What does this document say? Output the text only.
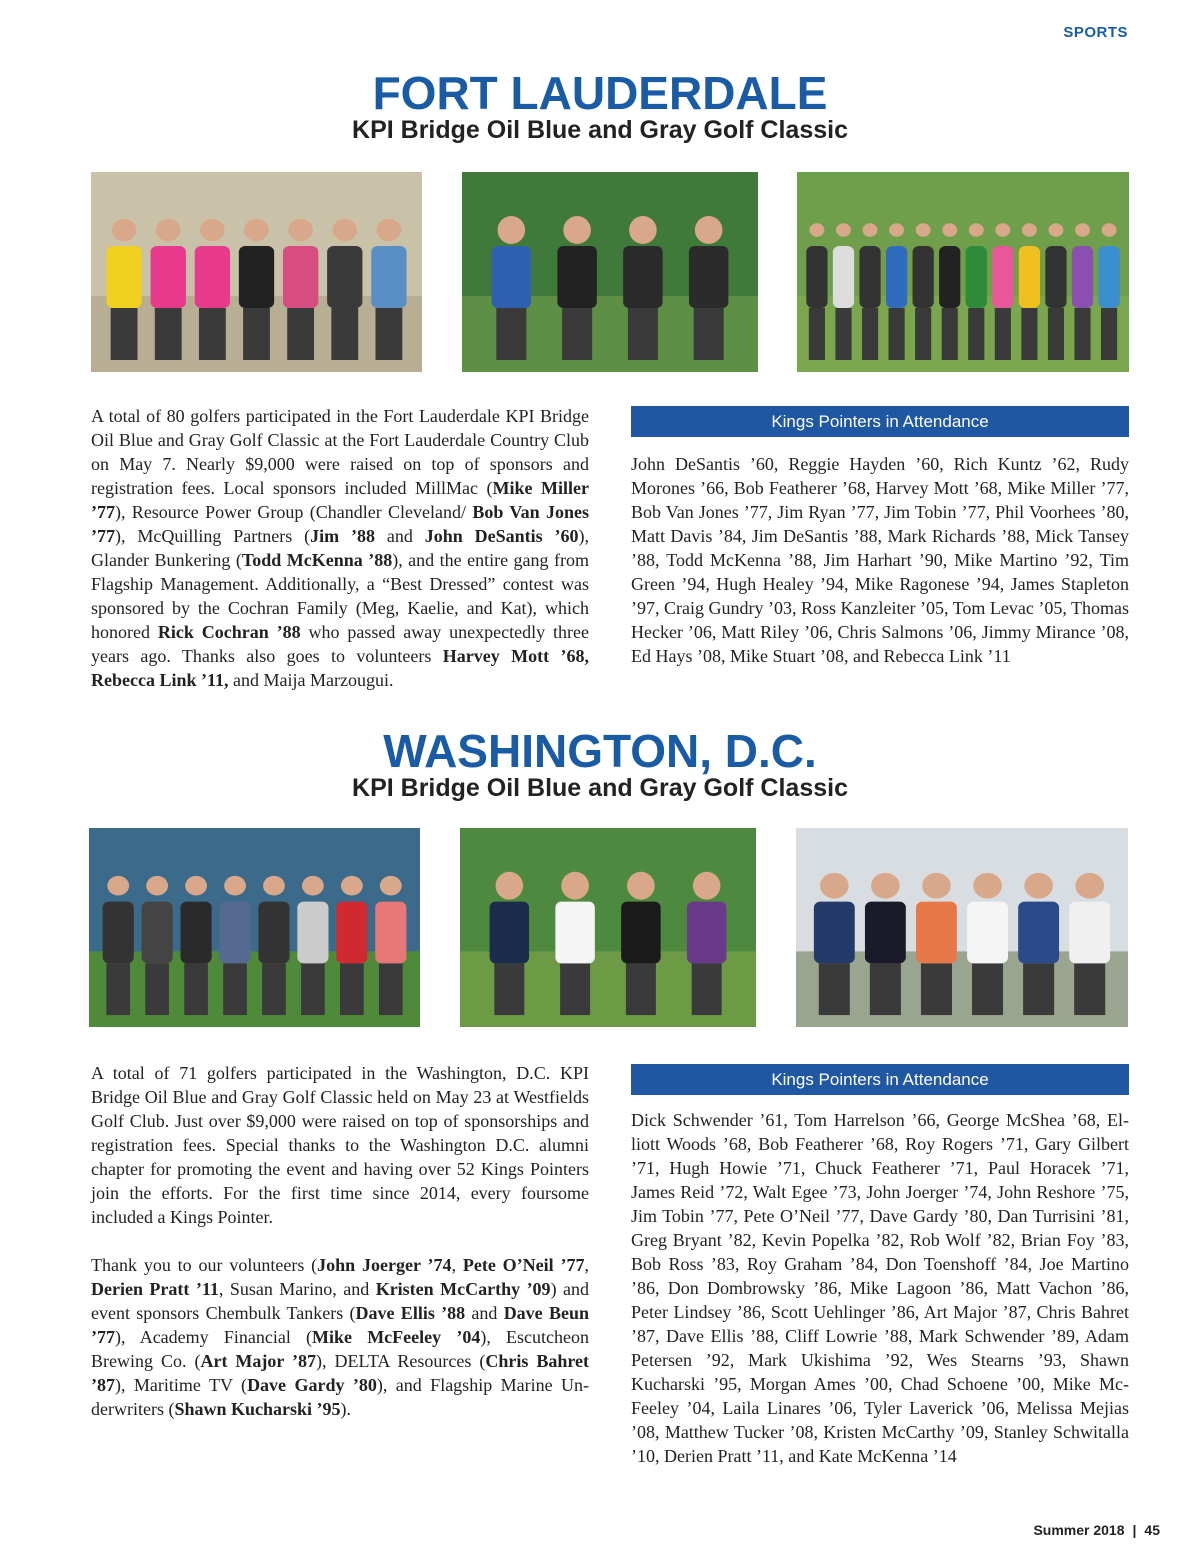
SPORTS
FORT LAUDERDALE
KPI Bridge Oil Blue and Gray Golf Classic

A total of 80 golfers participated in the Fort Lauderdale KPI Bridge Oil Blue and Gray Golf Classic at the Fort Lauderdale Country Club on May 7. Nearly $9,000 were raised on top of sponsors and registration fees. Local sponsors included MillMac (Mike Miller ’77), Resource Power Group (Chandler Cleveland/ Bob Van Jones ’77), McQuilling Partners (Jim ’88 and John DeSantis ’60), Glander Bunkering (Todd McKenna ’88), and the entire gang from Flagship Management. Additionally, a “Best Dressed” contest was sponsored by the Cochran Family (Meg, Kaelie, and Kat), which honored Rick Cochran ’88 who passed away unexpectedly three years ago. Thanks also goes to volunteers Harvey Mott ’68, Rebecca Link ’11, and Maija Marzougui.

Kings Pointers in Attendance
John DeSantis ’60, Reggie Hayden ’60, Rich Kuntz ’62, Rudy Morones ’66, Bob Featherer ’68, Harvey Mott ’68, Mike Miller ’77, Bob Van Jones ’77, Jim Ryan ’77, Jim Tobin ’77, Phil Voorhees ’80, Matt Davis ’84, Jim DeSantis ’88, Mark Richards ’88, Mick Tansey ’88, Todd McKenna ’88, Jim Harhart ’90, Mike Martino ’92, Tim Green ’94, Hugh Healey ’94, Mike Ragonese ’94, James Stapleton ’97, Craig Gundry ’03, Ross Kanzleiter ’05, Tom Levac ’05, Thomas Hecker ’06, Matt Riley ’06, Chris Salmons ’06, Jimmy Mirance ’08, Ed Hays ’08, Mike Stuart ’08, and Rebecca Link ’11
WASHINGTON, D.C.
KPI Bridge Oil Blue and Gray Golf Classic

A total of 71 golfers participated in the Washington, D.C. KPI Bridge Oil Blue and Gray Golf Classic held on May 23 at Westfields Golf Club. Just over $9,000 were raised on top of sponsorships and registration fees. Special thanks to the Washington D.C. alumni chapter for promoting the event and having over 52 Kings Pointers join the efforts. For the first time since 2014, every foursome included a Kings Pointer.

Thank you to our volunteers (John Joerger ’74, Pete O’Neil ’77, Derien Pratt ’11, Susan Marino, and Kristen McCarthy ’09) and event sponsors Chembulk Tankers (Dave Ellis ’88 and Dave Beun ’77), Academy Financial (Mike McFeeley ’04), Escutcheon Brewing Co. (Art Major ’87), DELTA Resources (Chris Bahret ’87), Maritime TV (Dave Gardy ’80), and Flagship Marine Underwriters (Shawn Kucharski ’95).

Kings Pointers in Attendance
Dick Schwender ’61, Tom Harrelson ’66, George McShea ’68, Elliott Woods ’68, Bob Featherer ’68, Roy Rogers ’71, Gary Gilbert ’71, Hugh Howie ’71, Chuck Featherer ’71, Paul Horacek ’71, James Reid ’72, Walt Egee ’73, John Joerger ’74, John Reshore ’75, Jim Tobin ’77, Pete O’Neil ’77, Dave Gardy ’80, Dan Turrisini ’81, Greg Bryant ’82, Kevin Popelka ’82, Rob Wolf ’82, Brian Foy ’83, Bob Ross ’83, Roy Graham ’84, Don Toenshoff ’84, Joe Martino ’86, Don Dombrowsky ’86, Mike Lagoon ’86, Matt Vachon ’86, Peter Lindsey ’86, Scott Uehlinger ’86, Art Major ’87, Chris Bahret ’87, Dave Ellis ’88, Cliff Lowrie ’88, Mark Schwender ’89, Adam Petersen ’92, Mark Ukishima ’92, Wes Stearns ’93, Shawn Kucharski ’95, Morgan Ames ’00, Chad Schoene ’00, Mike McFeeley ’04, Laila Linares ’06, Tyler Laverick ’06, Melissa Mejias ’08, Matthew Tucker ’08, Kristen McCarthy ’09, Stanley Schwitalla ’10, Derien Pratt ’11, and Kate McKenna ’14
Summer 2018 | 45
